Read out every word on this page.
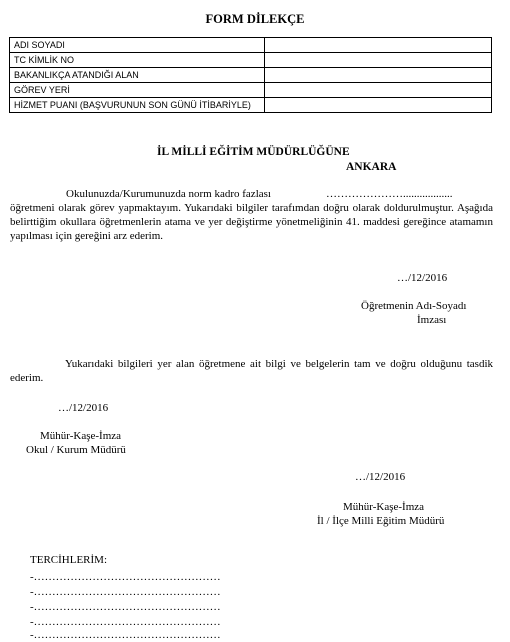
FORM DİLEKÇE
ADI SOYADI	
TC KİMLİK NO	
BAKANLIKÇA ATANDIĞI ALAN	
GÖREV YERİ	
HİZMET PUANI (BAŞVURUNUN SON GÜNÜ İTİBARİYLE)	
İL MİLLİ EĞİTİM MÜDÜRLÜĞÜNE
ANKARA
Okulunuzda/Kurumunuzda norm kadro fazlası	…………………..................
öğretmeni olarak görev yapmaktayım. Yukarıdaki bilgiler tarafımdan doğru olarak doldurulmuştur. Aşağıda belirttiğim okullara öğretmenlerin atama ve yer değiştirme yönetmeliğinin 41. maddesi gereğince atamamın yapılması için gereğini arz ederim.
…/12/2016
Öğretmenin Adı-Soyadı
İmzası
Yukarıdaki bilgileri yer alan öğretmene ait bilgi ve belgelerin tam ve doğru olduğunu tasdik ederim.
…/12/2016
Mühür-Kaşe-İmza
Okul / Kurum Müdürü
…/12/2016
Mühür-Kaşe-İmza
İl / İlçe Milli Eğitim Müdürü
TERCİHLERİM:
-……………………………………………
-……………………………………………
-……………………………………………
-……………………………………………
-……………………………………………
